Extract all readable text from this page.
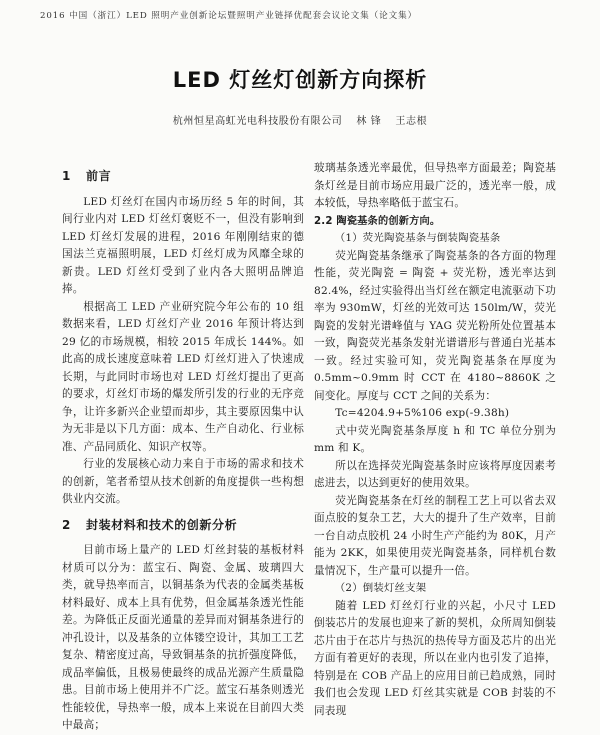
2016 中国（浙江）LED 照明产业创新论坛暨照明产业链择优配套会议论文集（论文集）
LED 灯丝灯创新方向探析
杭州恒星高虹光电科技股份有限公司 林 锋 王志根
1 前言

LED 灯丝灯在国内市场历经 5 年的时间，其间行业内对 LED 灯丝灯褒贬不一，但没有影响到 LED 灯丝灯发展的进程，2016 年刚刚结束的德国法兰克福照明展，LED 灯丝灯成为风靡全球的新贵。LED 灯丝灯受到了业内各大照明品牌追捧。

根据高工 LED 产业研究院今年公布的 10 组数据来看，LED 灯丝灯产业 2016 年预计将达到 29 亿的市场规模，相较 2015 年成长 144%。如此高的成长速度意味着 LED 灯丝灯进入了快速成长期，与此同时市场也对 LED 灯丝灯提出了更高的要求，灯丝灯市场的爆发所引发的行业的无序竞争，让许多新兴企业望而却步，其主要原因集中认为无非是以下几方面：成本、生产自动化、行业标准、产品同质化、知识产权等。

行业的发展核心动力来自于市场的需求和技术的创新，笔者希望从技术创新的角度提供一些构想供业内交流。

2 封装材料和技术的创新分析

目前市场上量产的 LED 灯丝封装的基板材料材质可以分为：蓝宝石、陶瓷、金属、玻璃四大类，就导热率而言，以铜基条为代表的金属类基板材料最好、成本上具有优势，但金属基条透光性能差。为降低正反面光通量的差异而对铜基条进行的冲孔设计，以及基条的立体镂空设计，其加工工艺复杂、精密度过高，导致铜基条的抗折强度降低，成品率偏低，且极易使最终的成品光源产生质量隐患。目前市场上使用并不广泛。蓝宝石基条则透光性能较优，导热率一般，成本上来说在目前四大类中最高；

玻璃基条透光率最优，但导热率方面最差；陶瓷基条灯丝是目前市场应用最广泛的，透光率一般，成本较低，导热率略低于蓝宝石。

2.2 陶瓷基条的创新方向。
（1）荧光陶瓷基条与倒装陶瓷基条

荧光陶瓷基条继承了陶瓷基条的各方面的物理性能，荧光陶瓷 = 陶瓷 + 荧光粉，透光率达到 82.4%，经过实验得出当灯丝在额定电流驱动下功率为 930mW，灯丝的光效可达 150lm/W，荧光陶瓷的发射光谱峰值与 YAG 荧光粉所处位置基本一致，陶瓷荧光基条发射光谱谱形与普通白光基本一致。经过实验可知，荧光陶瓷基条在厚度为 0.5mm~0.9mm 时 CCT 在 4180~8860K 之间变化。厚度与 CCT 之间的关系为：

Tc=4204.9+5%106 exp(-9.38h)

式中荧光陶瓷基条厚度 h 和 TC 单位分别为 mm 和 K。

所以在选择荧光陶瓷基条时应该将厚度因素考虑进去，以达到更好的使用效果。

荧光陶瓷基条在灯丝的制程工艺上可以省去双面点胶的复杂工艺，大大的提升了生产效率，目前一台自动点胶机 24 小时生产产能约为 80K，月产能为 2KK，如果使用荧光陶瓷基条，同样机台数量情况下，生产量可以提升一倍。

（2）倒装灯丝支架

随着 LED 灯丝灯行业的兴起，小尺寸 LED 倒装芯片的发展也迎来了新的契机，众所周知倒装芯片由于在芯片与热沉的热传导方面及芯片的出光方面有着更好的表现，所以在业内也引发了追捧，特别是在 COB 产品上的应用目前已趋成熟，同时我们也会发现 LED 灯丝其实就是 COB 封装的不同表现
